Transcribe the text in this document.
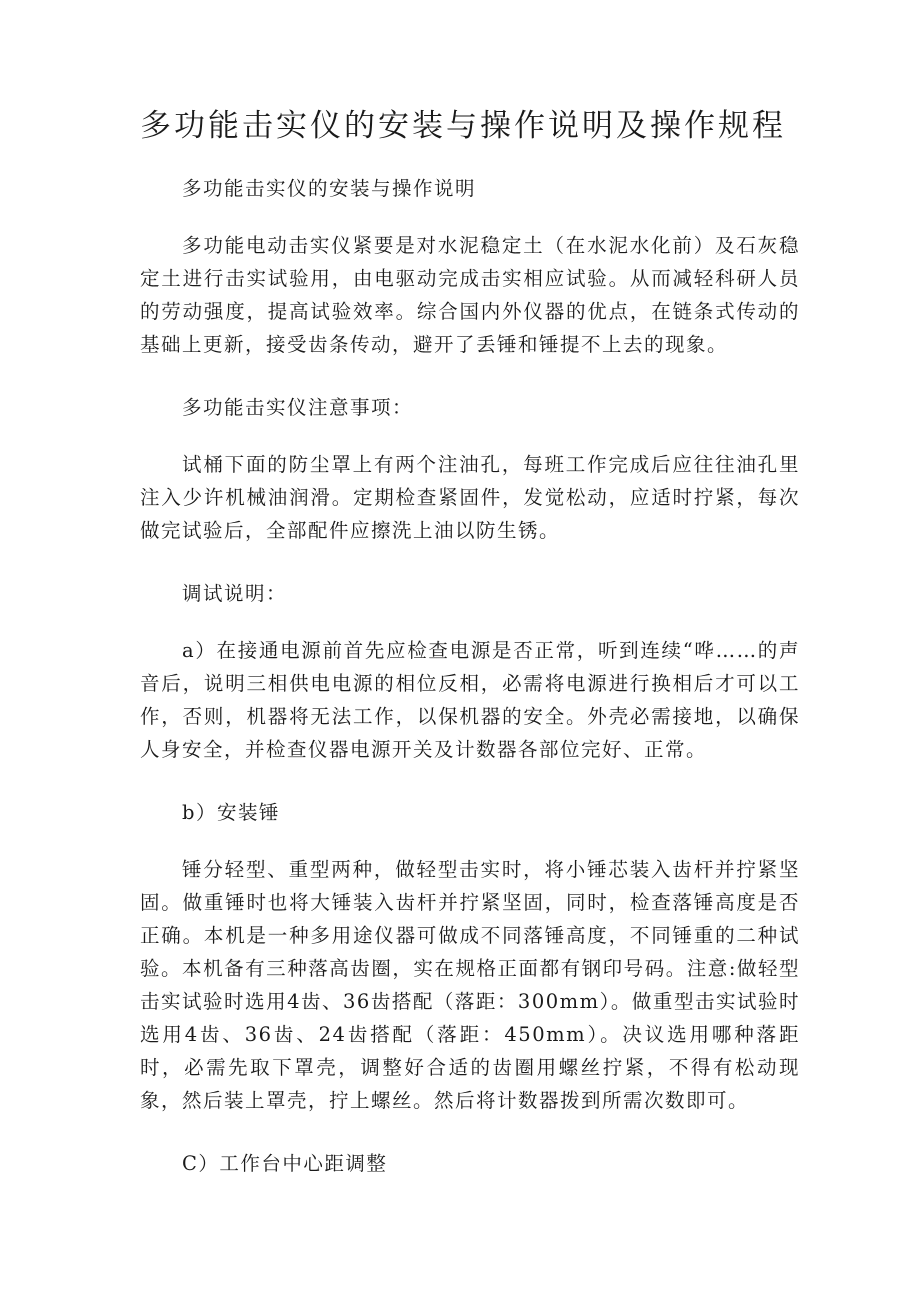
多功能击实仪的安装与操作说明及操作规程

多功能击实仪的安装与操作说明

多功能电动击实仪紧要是对水泥稳定土（在水泥水化前）及石灰稳定土进行击实试验用，由电驱动完成击实相应试验。从而减轻科研人员的劳动强度，提高试验效率。综合国内外仪器的优点，在链条式传动的基础上更新，接受齿条传动，避开了丢锤和锤提不上去的现象。

多功能击实仪注意事项：

试桶下面的防尘罩上有两个注油孔，每班工作完成后应往往油孔里注入少许机械油润滑。定期检查紧固件，发觉松动，应适时拧紧，每次做完试验后，全部配件应擦洗上油以防生锈。

调试说明：

a）在接通电源前首先应检查电源是否正常，听到连续“哗……的声音后，说明三相供电电源的相位反相，必需将电源进行换相后才可以工作，否则，机器将无法工作，以保机器的安全。外壳必需接地，以确保人身安全，并检查仪器电源开关及计数器各部位完好、正常。

b）安装锤

锤分轻型、重型两种，做轻型击实时，将小锤芯装入齿杆并拧紧坚固。做重锤时也将大锤装入齿杆并拧紧坚固，同时，检查落锤高度是否正确。本机是一种多用途仪器可做成不同落锤高度，不同锤重的二种试验。本机备有三种落高齿圈，实在规格正面都有钢印号码。注意:做轻型击实试验时选用4齿、36齿搭配（落距：300mm）。做重型击实试验时选用4齿、36齿、24齿搭配（落距：450mm）。决议选用哪种落距时，必需先取下罩壳，调整好合适的齿圈用螺丝拧紧，不得有松动现象，然后装上罩壳，拧上螺丝。然后将计数器拨到所需次数即可。

C）工作台中心距调整
